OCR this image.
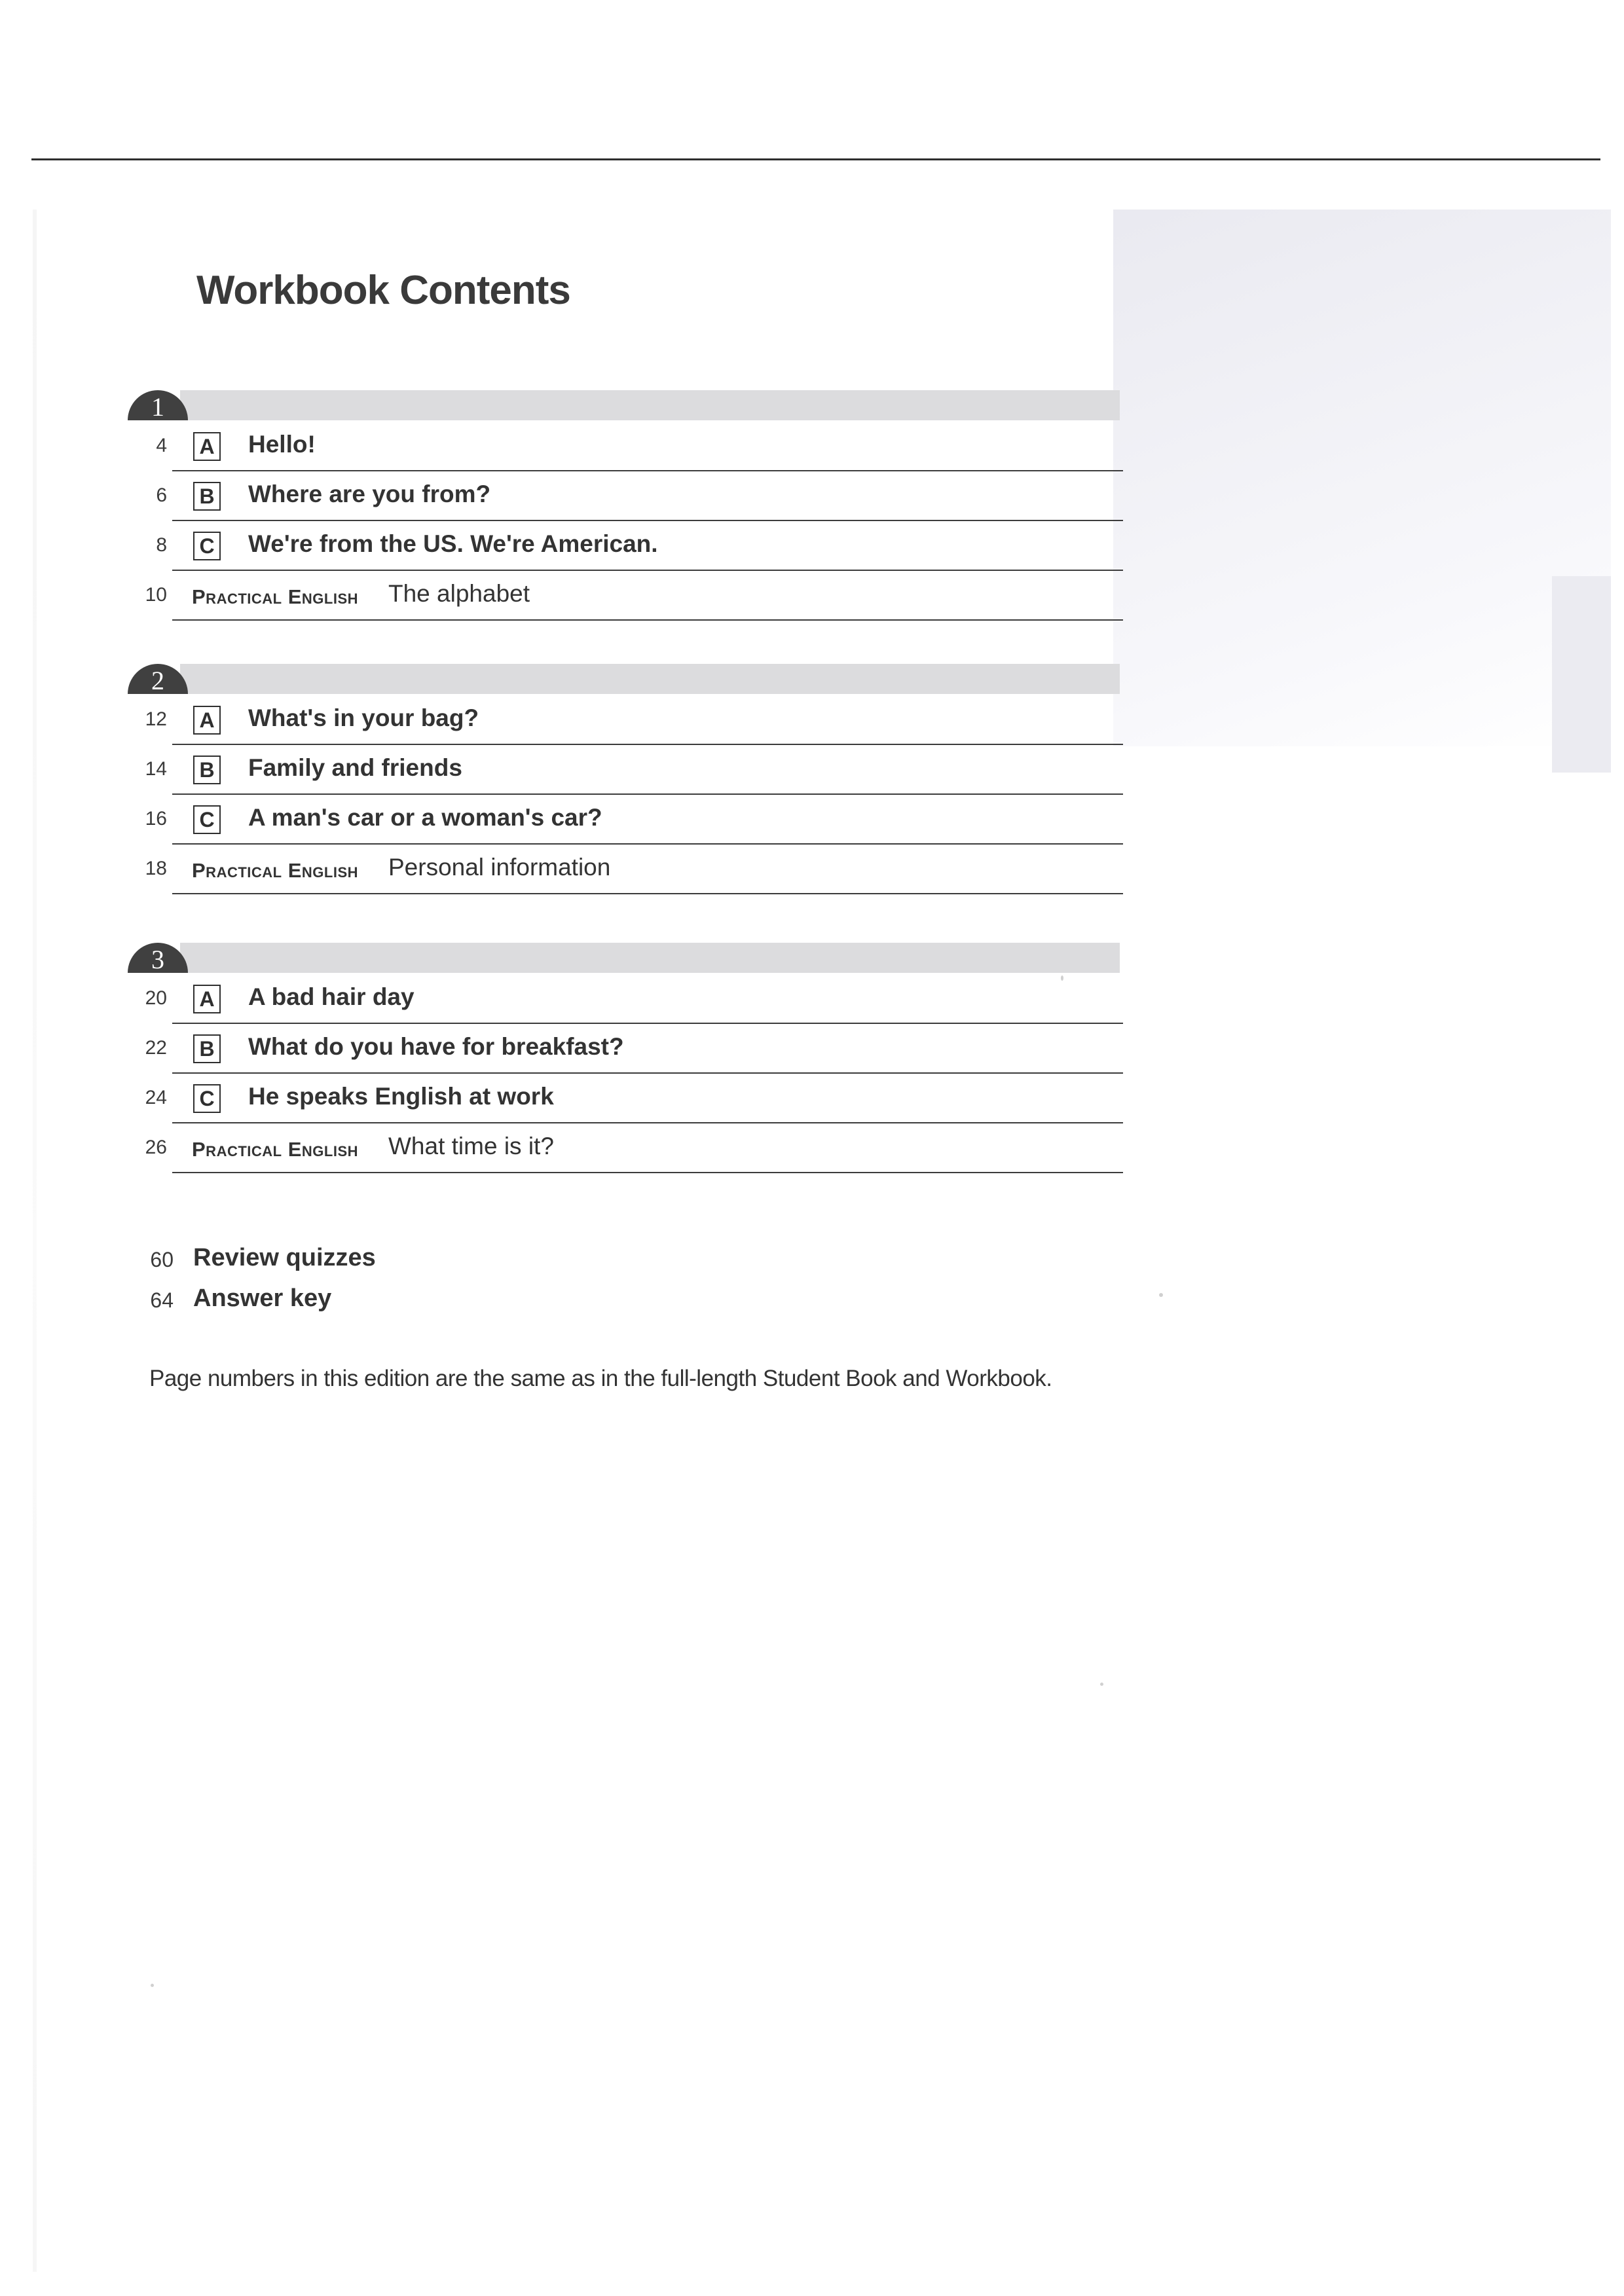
Workbook Contents
1
4 A Hello!
6 B Where are you from?
8 C We're from the US. We're American.
10 Practical English The alphabet
2
12 A What's in your bag?
14 B Family and friends
16 C A man's car or a woman's car?
18 Practical English Personal information
3
20 A A bad hair day
22 B What do you have for breakfast?
24 C He speaks English at work
26 Practical English What time is it?
60 Review quizzes
64 Answer key

Page numbers in this edition are the same as in the full-length Student Book and Workbook.
